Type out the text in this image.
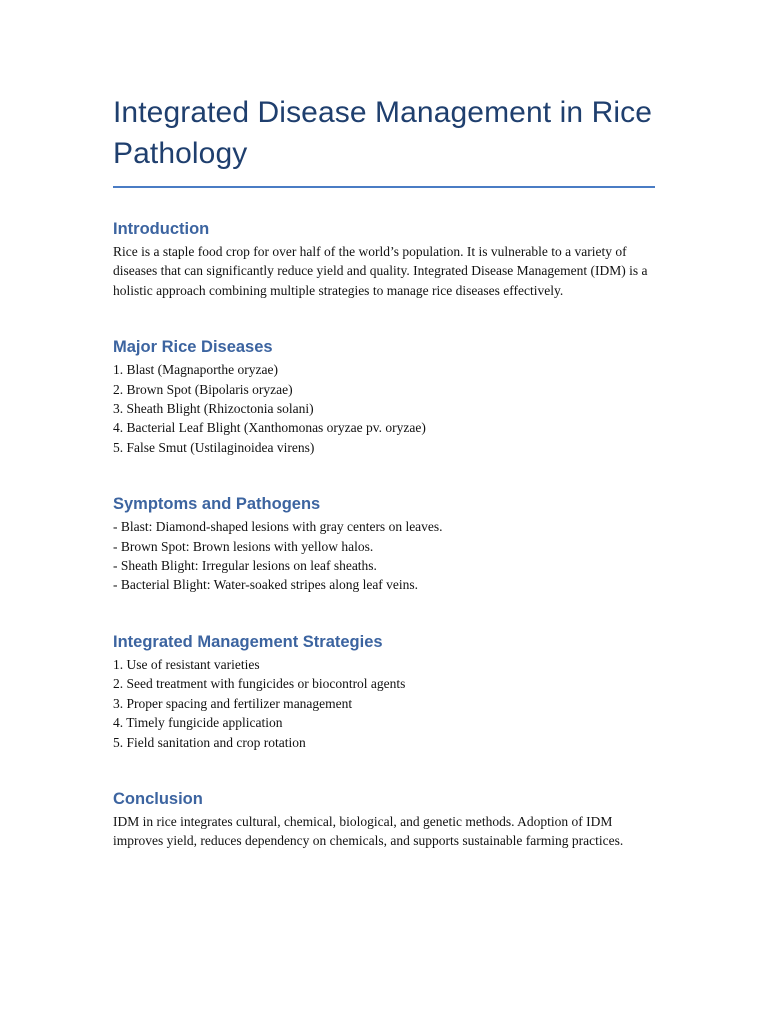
Integrated Disease Management in Rice Pathology
Introduction

Rice is a staple food crop for over half of the world’s population. It is vulnerable to a variety of diseases that can significantly reduce yield and quality. Integrated Disease Management (IDM) is a holistic approach combining multiple strategies to manage rice diseases effectively.

Major Rice Diseases
1. Blast (Magnaporthe oryzae)
2. Brown Spot (Bipolaris oryzae)
3. Sheath Blight (Rhizoctonia solani)
4. Bacterial Leaf Blight (Xanthomonas oryzae pv. oryzae)
5. False Smut (Ustilaginoidea virens)
Symptoms and Pathogens
- Blast: Diamond-shaped lesions with gray centers on leaves.
- Brown Spot: Brown lesions with yellow halos.
- Sheath Blight: Irregular lesions on leaf sheaths.
- Bacterial Blight: Water-soaked stripes along leaf veins.
Integrated Management Strategies
1. Use of resistant varieties
2. Seed treatment with fungicides or biocontrol agents
3. Proper spacing and fertilizer management
4. Timely fungicide application
5. Field sanitation and crop rotation
Conclusion

IDM in rice integrates cultural, chemical, biological, and genetic methods. Adoption of IDM improves yield, reduces dependency on chemicals, and supports sustainable farming practices.
